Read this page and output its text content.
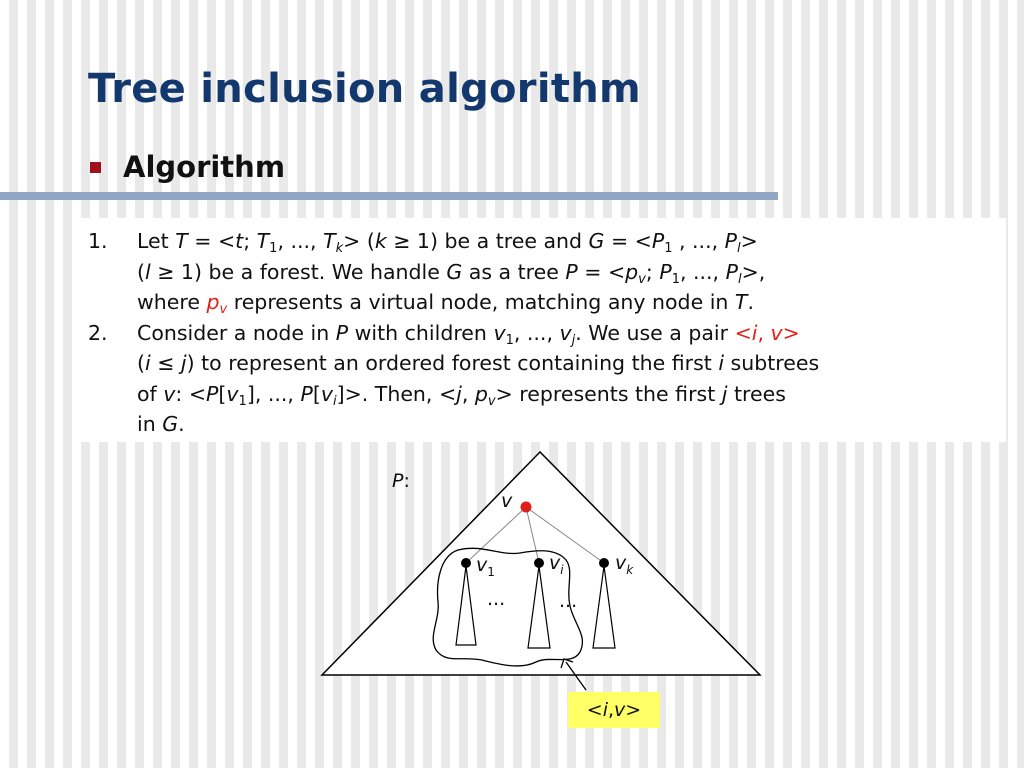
Tree inclusion algorithm
Algorithm
1.	Let T = <t; $T_1$, ..., $T_k> (k \ge 1)$ be a tree and $G = <P_1$ , ..., $P_l>$
(l ≥ 1) be a forest. We handle G as a tree $P = <p_v$; $P_1$, ..., $P_l>$,
where $p_v$ represents a virtual node, matching any node in T.
2.	Consider a node in P with children $v_1$, ..., $v_j$. We use a pair <i, v>
(i ≤ j) to represent an ordered forest containing the first i subtrees
of v: $<P[v_1]$, ..., $P[v_i]>$. Then, <j, $p_v>$ represents the first j trees
in G.
P:
v
$v_1$	$v_i$	$v_k$
...	...
< i , v >
